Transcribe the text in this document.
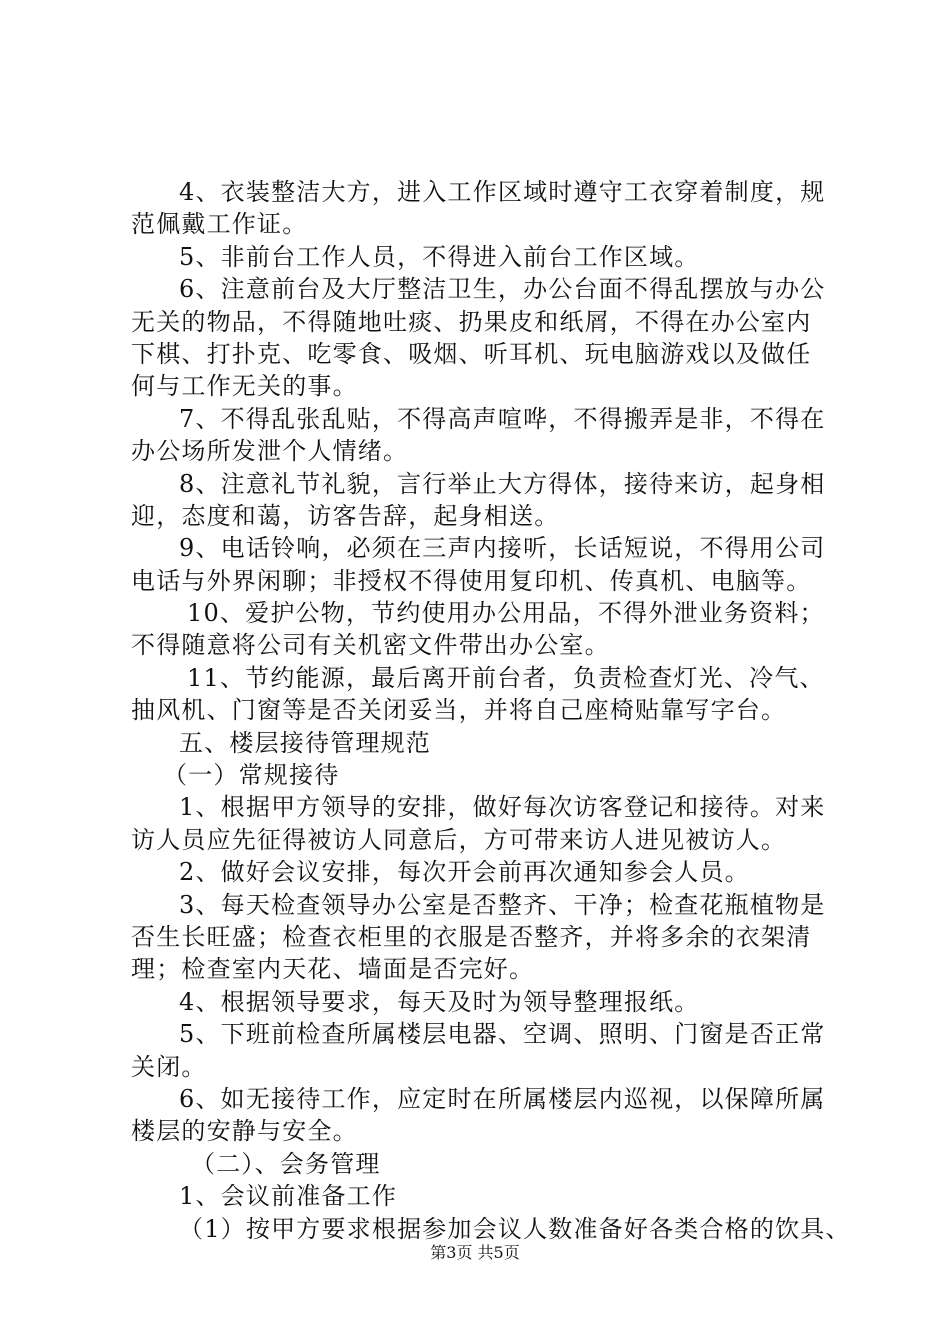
4、衣装整洁大方，进入工作区域时遵守工衣穿着制度，规
范佩戴工作证。
5、非前台工作人员，不得进入前台工作区域。
6、注意前台及大厅整洁卫生，办公台面不得乱摆放与办公
无关的物品，不得随地吐痰、扔果皮和纸屑，不得在办公室内
下棋、打扑克、吃零食、吸烟、听耳机、玩电脑游戏以及做任
何与工作无关的事。
7、不得乱张乱贴，不得高声喧哗，不得搬弄是非，不得在
办公场所发泄个人情绪。
8、注意礼节礼貌，言行举止大方得体，接待来访，起身相
迎，态度和蔼，访客告辞，起身相送。
9、电话铃响，必须在三声内接听，长话短说，不得用公司
电话与外界闲聊；非授权不得使用复印机、传真机、电脑等。
10、爱护公物，节约使用办公用品，不得外泄业务资料；
不得随意将公司有关机密文件带出办公室。
11、节约能源，最后离开前台者，负责检查灯光、冷气、
抽风机、门窗等是否关闭妥当，并将自己座椅贴靠写字台。
五、楼层接待管理规范
（一）常规接待
1、根据甲方领导的安排，做好每次访客登记和接待。对来
访人员应先征得被访人同意后，方可带来访人进见被访人。
2、做好会议安排，每次开会前再次通知参会人员。
3、每天检查领导办公室是否整齐、干净；检查花瓶植物是
否生长旺盛；检查衣柜里的衣服是否整齐，并将多余的衣架清
理；检查室内天花、墙面是否完好。
4、根据领导要求，每天及时为领导整理报纸。
5、下班前检查所属楼层电器、空调、照明、门窗是否正常
关闭。
6、如无接待工作，应定时在所属楼层内巡视，以保障所属
楼层的安静与安全。
（二）、会务管理
1、会议前准备工作
（1）按甲方要求根据参加会议人数准备好各类合格的饮具、
第3页 共5页
